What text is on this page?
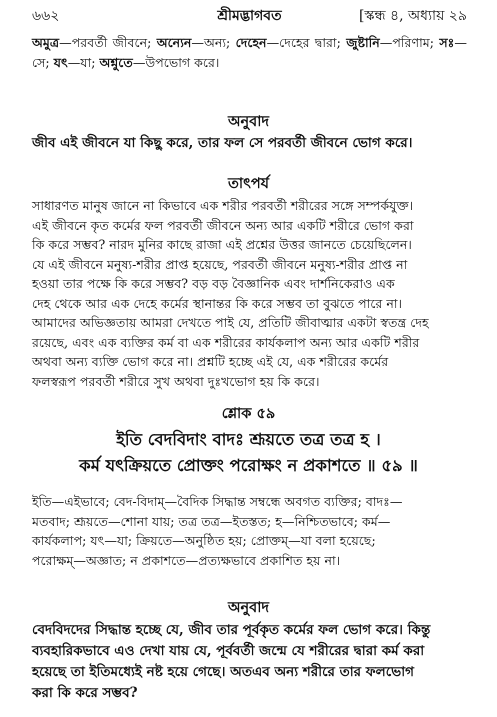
৬৬২	শ্রীমদ্ভাগবত	[স্কন্ধ ৪, অধ্যায় ২৯

অমুত্র—পরবর্তী জীবনে; অন্যেন—অন্য; দেহেন—দেহের দ্বারা; জুষ্টানি—পরিণাম; সঃ—সে; যৎ—যা; অশ্নুতে—উপভোগ করে।

অনুবাদ

জীব এই জীবনে যা কিছু করে, তার ফল সে পরবর্তী জীবনে ভোগ করে।

তাৎপর্য
সাধারণত মানুষ জানে না কিভাবে এক শরীর পরবর্তী শরীরের সঙ্গে সম্পর্কযুক্ত।
এই জীবনে কৃত কর্মের ফল পরবর্তী জীবনে অন্য আর একটি শরীরে ভোগ করা
কি করে সম্ভব? নারদ মুনির কাছে রাজা এই প্রশ্নের উত্তর জানতে চেয়েছিলেন।
যে এই জীবনে মনুষ্য-শরীর প্রাপ্ত হয়েছে, পরবর্তী জীবনে মনুষ্য-শরীর প্রাপ্ত না
হওয়া তার পক্ষে কি করে সম্ভব? বড় বড় বৈজ্ঞানিক এবং দার্শনিকেরাও এক
দেহ থেকে আর এক দেহে কর্মের স্থানান্তর কি করে সম্ভব তা বুঝতে পারে না।
আমাদের অভিজ্ঞতায় আমরা দেখতে পাই যে, প্রতিটি জীবাত্মার একটা স্বতন্ত্র দেহ
রয়েছে, এবং এক ব্যক্তির কর্ম বা এক শরীরের কার্যকলাপ অন্য আর একটি শরীর
অথবা অন্য ব্যক্তি ভোগ করে না। প্রশ্নটি হচ্ছে এই যে, এক শরীরের কর্মের
ফলস্বরূপ পরবর্তী শরীরে সুখ অথবা দুঃখভোগ হয় কি করে।
শ্লোক ৫৯
ইতি বেদবিদাং বাদঃ শ্রূয়তে তত্র তত্র হ ।
কর্ম যৎক্রিয়তে প্রোক্তং পরোক্ষং ন প্রকাশতে ॥ ৫৯ ॥
ইতি—এইভাবে; বেদ-বিদাম্—বৈদিক সিদ্ধান্ত সম্বন্ধে অবগত ব্যক্তির; বাদঃ—
মতবাদ; শ্রূয়তে—শোনা যায়; তত্র তত্র—ইতস্তত; হ—নিশ্চিতভাবে; কর্ম—
কার্যকলাপ; যৎ—যা; ক্রিয়তে—অনুষ্ঠিত হয়; প্রোক্তম্—যা বলা হয়েছে;
পরোক্ষম্—অজ্ঞাত; ন প্রকাশতে—প্রত্যক্ষভাবে প্রকাশিত হয় না।
অনুবাদ
বেদবিদদের সিদ্ধান্ত হচ্ছে যে, জীব তার পূর্বকৃত কর্মের ফল ভোগ করে। কিন্তু
ব্যবহারিকভাবে এও দেখা যায় যে, পূর্ববর্তী জন্মে যে শরীরের দ্বারা কর্ম করা
হয়েছে তা ইতিমধ্যেই নষ্ট হয়ে গেছে। অতএব অন্য শরীরে তার ফলভোগ
করা কি করে সম্ভব?
